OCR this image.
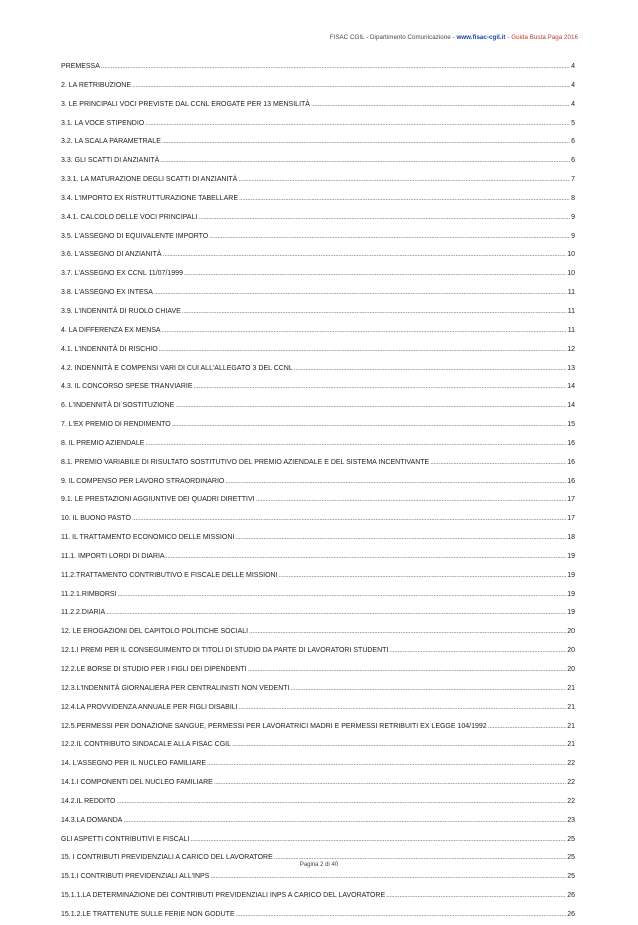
FISAC CGIL - Dipartimento Comunicazione - www.fisac-cgil.it - Guida Busta Paga 2016
PREMESSA .....	4
2. LA RETRIBUZIONE .....	4
3. LE PRINCIPALI VOCI PREVISTE DAL CCNL EROGATE PER 13 MENSILITÀ .....	4
3.1. LA VOCE STIPENDIO .....	5
3.2. LA SCALA PARAMETRALE .....	6
3.3. GLI SCATTI DI ANZIANITÀ .....	6
3.3.1. LA MATURAZIONE DEGLI SCATTI DI ANZIANITÀ .....	7
3.4. L'IMPORTO EX RISTRUTTURAZIONE TABELLARE .....	8
3.4.1. CALCOLO DELLE VOCI PRINCIPALI .....	9
3.5. L'ASSEGNO DI EQUIVALENTE IMPORTO .....	9
3.6. L'ASSEGNO DI ANZIANITÀ .....	10
3.7. L'ASSEGNO EX CCNL 11/07/1999 .....	10
3.8. L'ASSEGNO EX INTESA .....	11
3.9. L'INDENNITÀ DI RUOLO CHIAVE .....	11
4. LA DIFFERENZA EX MENSA .....	11
4.1. L'INDENNITÀ DI RISCHIO .....	12
4.2. INDENNITÀ E COMPENSI VARI DI CUI ALL'ALLEGATO 3 DEL CCNL .....	13
4.3. IL CONCORSO SPESE TRANVIARIE .....	14
6. L'INDENNITÀ DI SOSTITUZIONE .....	14
7. L'EX PREMIO DI RENDIMENTO .....	15
8. IL PREMIO AZIENDALE .....	16
8.1. PREMIO VARIABILE DI RISULTATO SOSTITUTIVO DEL PREMIO AZIENDALE E DEL SISTEMA INCENTIVANTE .....	16
9. IL COMPENSO PER LAVORO STRAORDINARIO .....	16
9.1. LE PRESTAZIONI AGGIUNTIVE DEI QUADRI DIRETTIVI .....	17
10. IL BUONO PASTO .....	17
11. IL TRATTAMENTO ECONOMICO DELLE MISSIONI .....	18
11.1. IMPORTI LORDI DI DIARIA .....	19
11.2.TRATTAMENTO CONTRIBUTIVO E FISCALE DELLE MISSIONI .....	19
11.2.1.RIMBORSI .....	19
11.2.2.DIARIA .....	19
12. LE EROGAZIONI DEL CAPITOLO POLITICHE SOCIALI .....	20
12.1.I PREMI PER IL CONSEGUIMENTO DI TITOLI DI STUDIO DA PARTE DI LAVORATORI STUDENTI .....	20
12.2.LE BORSE DI STUDIO PER I FIGLI DEI DIPENDENTI .....	20
12.3.L'INDENNITÀ GIORNALIERA PER CENTRALINISTI NON VEDENTI .....	21
12.4.LA PROVVIDENZA ANNUALE PER FIGLI DISABILI .....	21
12.5.PERMESSI PER DONAZIONE SANGUE, PERMESSI PER LAVORATRICI MADRI E PERMESSI RETRIBUITI EX LEGGE 104/1992 .....	21
12.2.IL CONTRIBUTO SINDACALE ALLA FISAC CGIL .....	21
14. L'ASSEGNO PER IL NUCLEO FAMILIARE .....	22
14.1.I COMPONENTI DEL NUCLEO FAMILIARE .....	22
14.2.IL REDDITO .....	22
14.3.LA DOMANDA .....	23
GLI ASPETTI CONTRIBUTIVI E FISCALI .....	25
15. I CONTRIBUTI PREVIDENZIALI A CARICO DEL LAVORATORE .....	25
15.1.I CONTRIBUTI PREVIDENZIALI ALL'INPS .....	25
15.1.1.LA DETERMINAZIONE DEI CONTRIBUTI PREVIDENZIALI INPS A CARICO DEL LAVORATORE .....	26
15.1.2.LE TRATTENUTE SULLE FERIE NON GODUTE .....	26
Pagina 2 di 40
